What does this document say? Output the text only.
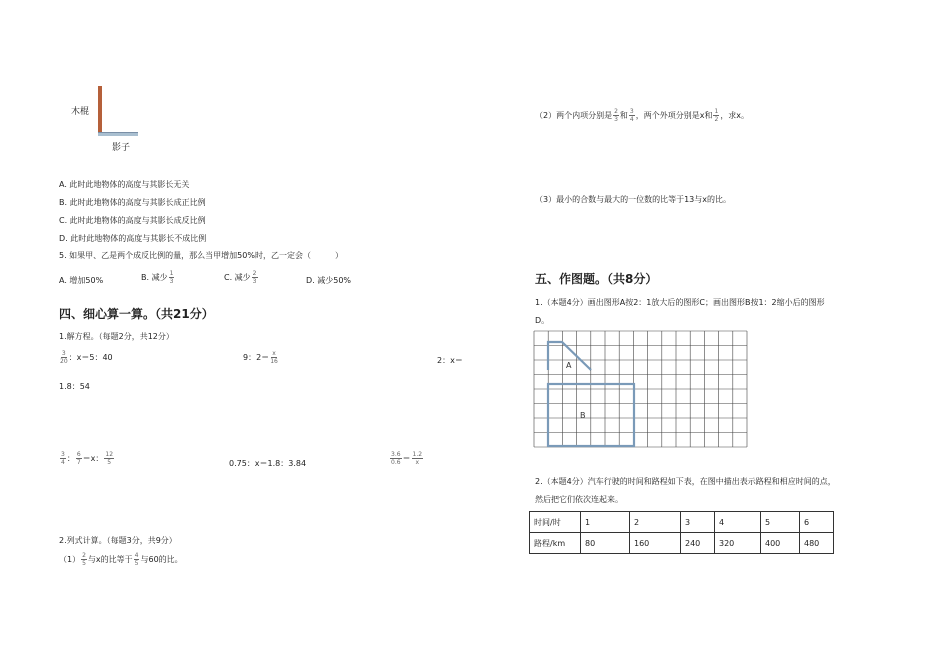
木棍
影子
A. 此时此地物体的高度与其影长无关
B. 此时此地物体的高度与其影长成正比例
C. 此时此地物体的高度与其影长成反比例
D. 此时此地物体的高度与其影长不成比例
5. 如果甲、乙是两个成反比例的量，那么当甲增加50%时，乙一定会（　　　）
A. 增加50%	B. 减少 $\frac{1}{3}$	C. 减少 $\frac{2}{3}$	D. 减少50%
四、细心算一算。（共21分）
1.解方程。（每题2分，共12分）
$\frac{3}{20}$ ：x＝5：40	9：$2= \frac{x}{16}$	2：x＝
1.8：54
$\frac{3}{4}$ ： $\frac{6}{7} =x$： $\frac{12}{5}$	0.75：x＝1.8：3.84	$\frac{3.6}{0.6} = \frac{1.2}{x}$
2.列式计算。（每题3分，共9分）
$(1) \frac{2}{5}$ 与x的比等于 $\frac{4}{5}$ 与60的比。
（2）两个内项分别是 $\frac{2}{3}$ 和 $\frac{3}{4}$ ，两个外项分别是x和 $\frac{1}{2}$ ，求x。
（3）最小的合数与最大的一位数的比等于13与x的比。
五、作图题。（共8分）
1.（本题4分）画出图形A按2：1放大后的图形C；画出图形B按1：2缩小后的图形
D。
A
B
2.（本题4分）汽车行驶的时间和路程如下表，在图中描出表示路程和相应时间的点，
然后把它们依次连起来。
时间/时	1	2	3	4	5	6
路程/km	80	160	240	320	400	480
